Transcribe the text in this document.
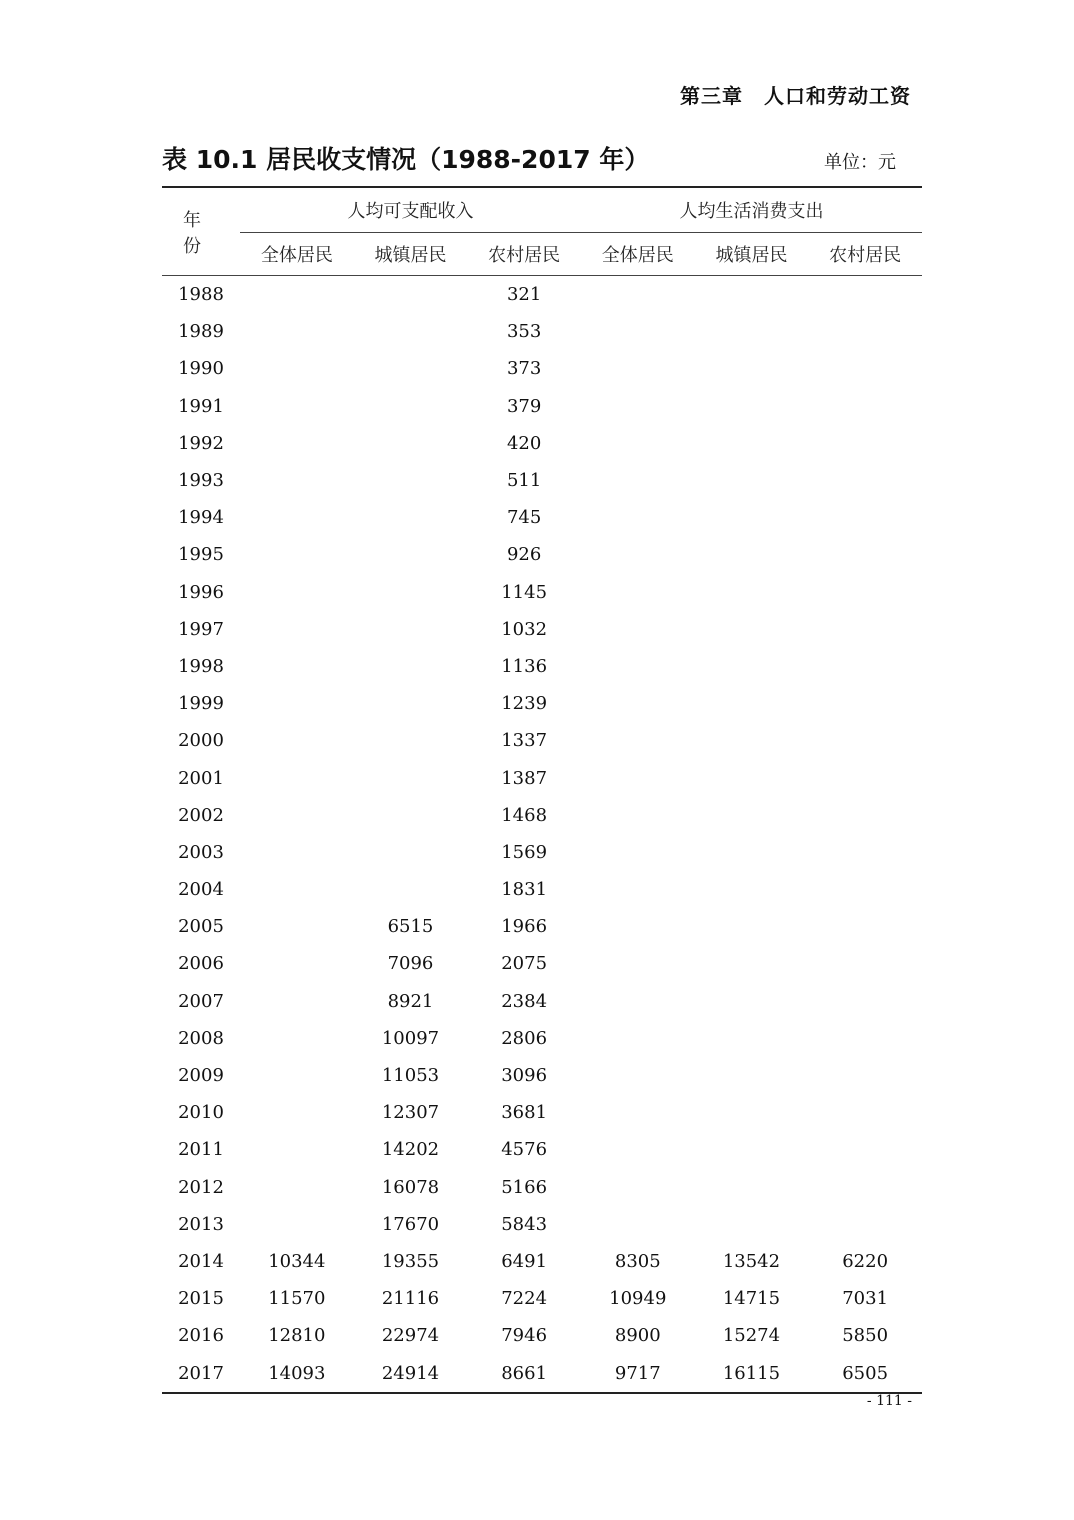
第三章　人口和劳动工资
表 10.1 居民收支情况（1988-2017 年）	单位：元
年　份	人均可支配收入			人均生活消费支出		
	全体居民	城镇居民	农村居民	全体居民	城镇居民	农村居民
1988			321			
1989			353			
1990			373			
1991			379			
1992			420			
1993			511			
1994			745			
1995			926			
1996			1145			
1997			1032			
1998			1136			
1999			1239			
2000			1337			
2001			1387			
2002			1468			
2003			1569			
2004			1831			
2005		6515	1966			
2006		7096	2075			
2007		8921	2384			
2008		10097	2806			
2009		11053	3096			
2010		12307	3681			
2011		14202	4576			
2012		16078	5166			
2013		17670	5843			
2014	10344	19355	6491	8305	13542	6220
2015	11570	21116	7224	10949	14715	7031
2016	12810	22974	7946	8900	15274	5850
2017	14093	24914	8661	9717	16115	6505
- 111 -
